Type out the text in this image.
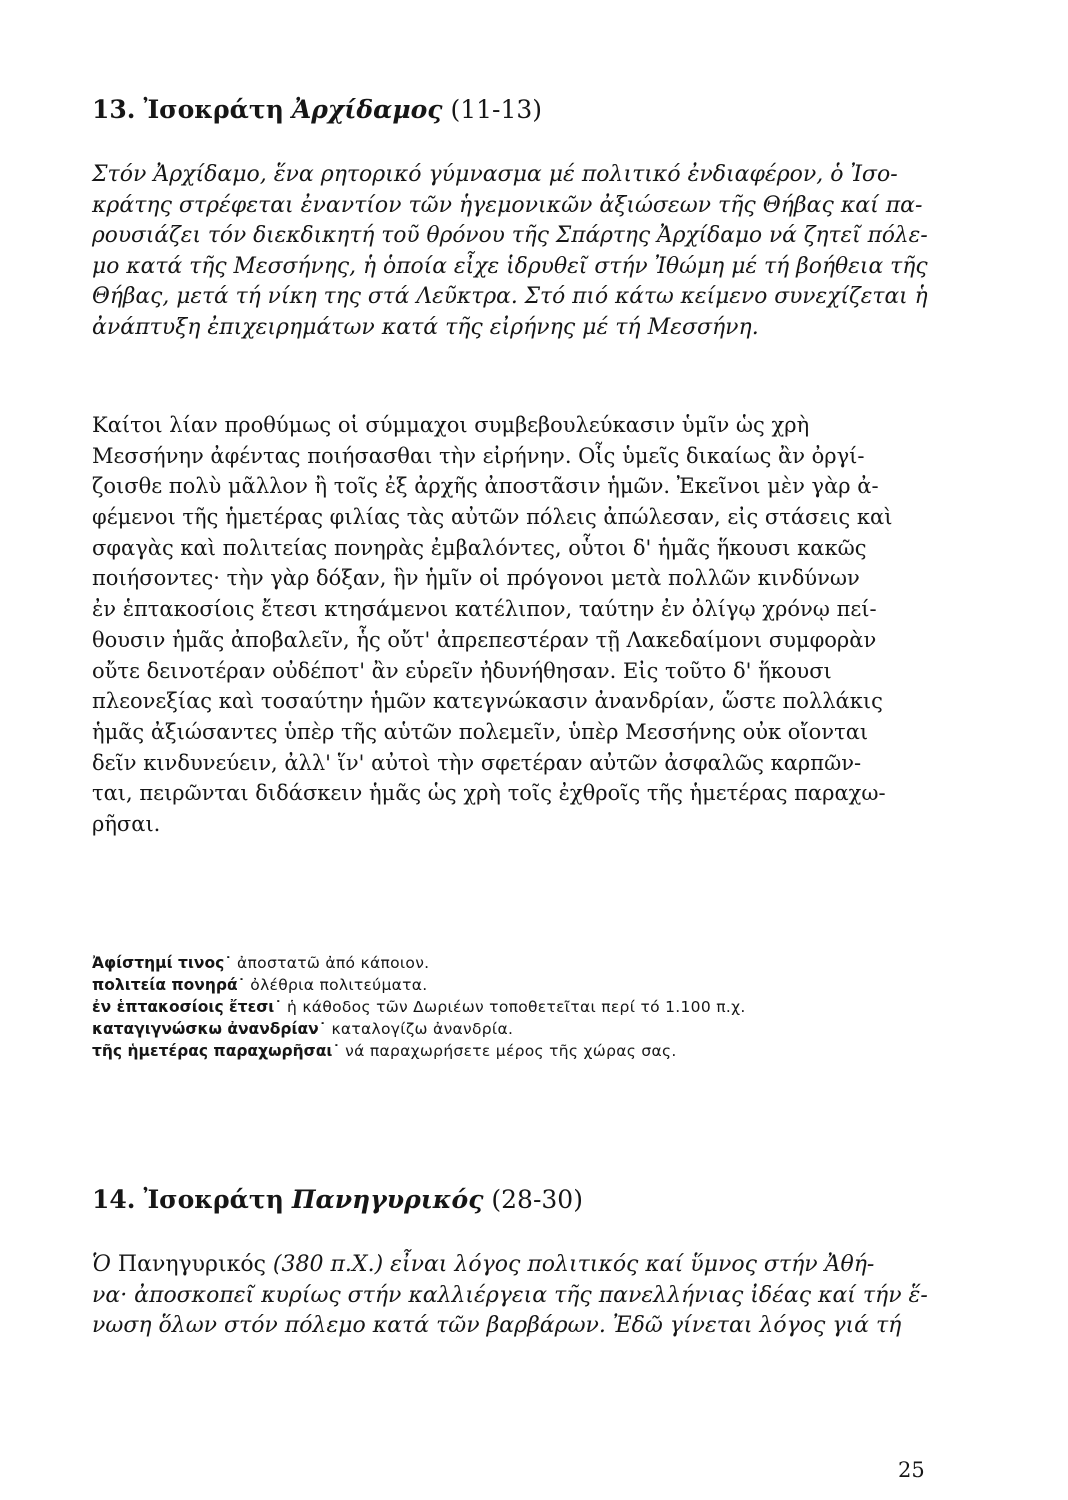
13. Ἰσοκράτη Ἀρχίδαμος (11-13)
Στόν Ἀρχίδαμο, ἕνα ρητορικό γύμνασμα μέ πολιτικό ἐνδιαφέρον, ὁ Ἰσο-
κράτης στρέφεται ἐναντίον τῶν ἡγεμονικῶν ἀξιώσεων τῆς Θήβας καί πα-
ρουσιάζει τόν διεκδικητή τοῦ θρόνου τῆς Σπάρτης Ἀρχίδαμο νά ζητεῖ πόλε-
μο κατά τῆς Μεσσήνης, ἡ ὁποία εἶχε ἱδρυθεῖ στήν Ἰθώμη μέ τή βοήθεια τῆς
Θήβας, μετά τή νίκη της στά Λεῦκτρα. Στό πιό κάτω κείμενο συνεχίζεται ἡ
ἀνάπτυξη ἐπιχειρημάτων κατά τῆς εἰρήνης μέ τή Μεσσήνη.
Καίτοι λίαν προθύμως οἱ σύμμαχοι συμβεβουλεύκασιν ὑμῖν ὡς χρὴ
Μεσσήνην ἀφέντας ποιήσασθαι τὴν εἰρήνην. Οἷς ὑμεῖς δικαίως ἂν ὀργί-
ζοισθε πολὺ μᾶλλον ἢ τοῖς ἐξ ἀρχῆς ἀποστᾶσιν ἡμῶν. Ἐκεῖνοι μὲν γὰρ ἀ-
φέμενοι τῆς ἡμετέρας φιλίας τὰς αὐτῶν πόλεις ἀπώλεσαν, εἰς στάσεις καὶ
σφαγὰς καὶ πολιτείας πονηρὰς ἐμβαλόντες, οὗτοι δ' ἡμᾶς ἥκουσι κακῶς
ποιήσοντες· τὴν γὰρ δόξαν, ἣν ἡμῖν οἱ πρόγονοι μετὰ πολλῶν κινδύνων
ἐν ἑπτακοσίοις ἔτεσι κτησάμενοι κατέλιπον, ταύτην ἐν ὀλίγῳ χρόνῳ πεί-
θουσιν ἡμᾶς ἀποβαλεῖν, ἧς οὔτ' ἀπρεπεστέραν τῇ Λακεδαίμονι συμφορὰν
οὔτε δεινοτέραν οὐδέποτ' ἂν εὑρεῖν ἠδυνήθησαν. Εἰς τοῦτο δ' ἥκουσι
πλεονεξίας καὶ τοσαύτην ἡμῶν κατεγνώκασιν ἀνανδρίαν, ὥστε πολλάκις
ἡμᾶς ἀξιώσαντες ὑπὲρ τῆς αὑτῶν πολεμεῖν, ὑπὲρ Μεσσήνης οὐκ οἴονται
δεῖν κινδυνεύειν, ἀλλ' ἵν' αὐτοὶ τὴν σφετέραν αὐτῶν ἀσφαλῶς καρπῶν-
ται, πειρῶνται διδάσκειν ἡμᾶς ὡς χρὴ τοῖς ἐχθροῖς τῆς ἡμετέρας παραχω-
ρῆσαι.
Ἀφίστημί τινος˙ ἀποστατῶ ἀπό κάποιον.
πολιτεία πονηρά˙ ὀλέθρια πολιτεύματα.
ἐν ἑπτακοσίοις ἔτεσι˙ ἡ κάθοδος τῶν Δωριέων τοποθετεῖται περί τό 1.100 π.χ.
καταγιγνώσκω ἀνανδρίαν˙ καταλογίζω ἀνανδρία.
τῆς ἡμετέρας παραχωρῆσαι˙ νά παραχωρήσετε μέρος τῆς χώρας σας.
14. Ἰσοκράτη Πανηγυρικός (28-30)
Ὁ Πανηγυρικός (380 π.Χ.) εἶναι λόγος πολιτικός καί ὕμνος στήν Ἀθή-
να· ἀποσκοπεῖ κυρίως στήν καλλιέργεια τῆς πανελλήνιας ἰδέας καί τήν ἕ-
νωση ὅλων στόν πόλεμο κατά τῶν βαρβάρων. Ἐδῶ γίνεται λόγος γιά τή
25
